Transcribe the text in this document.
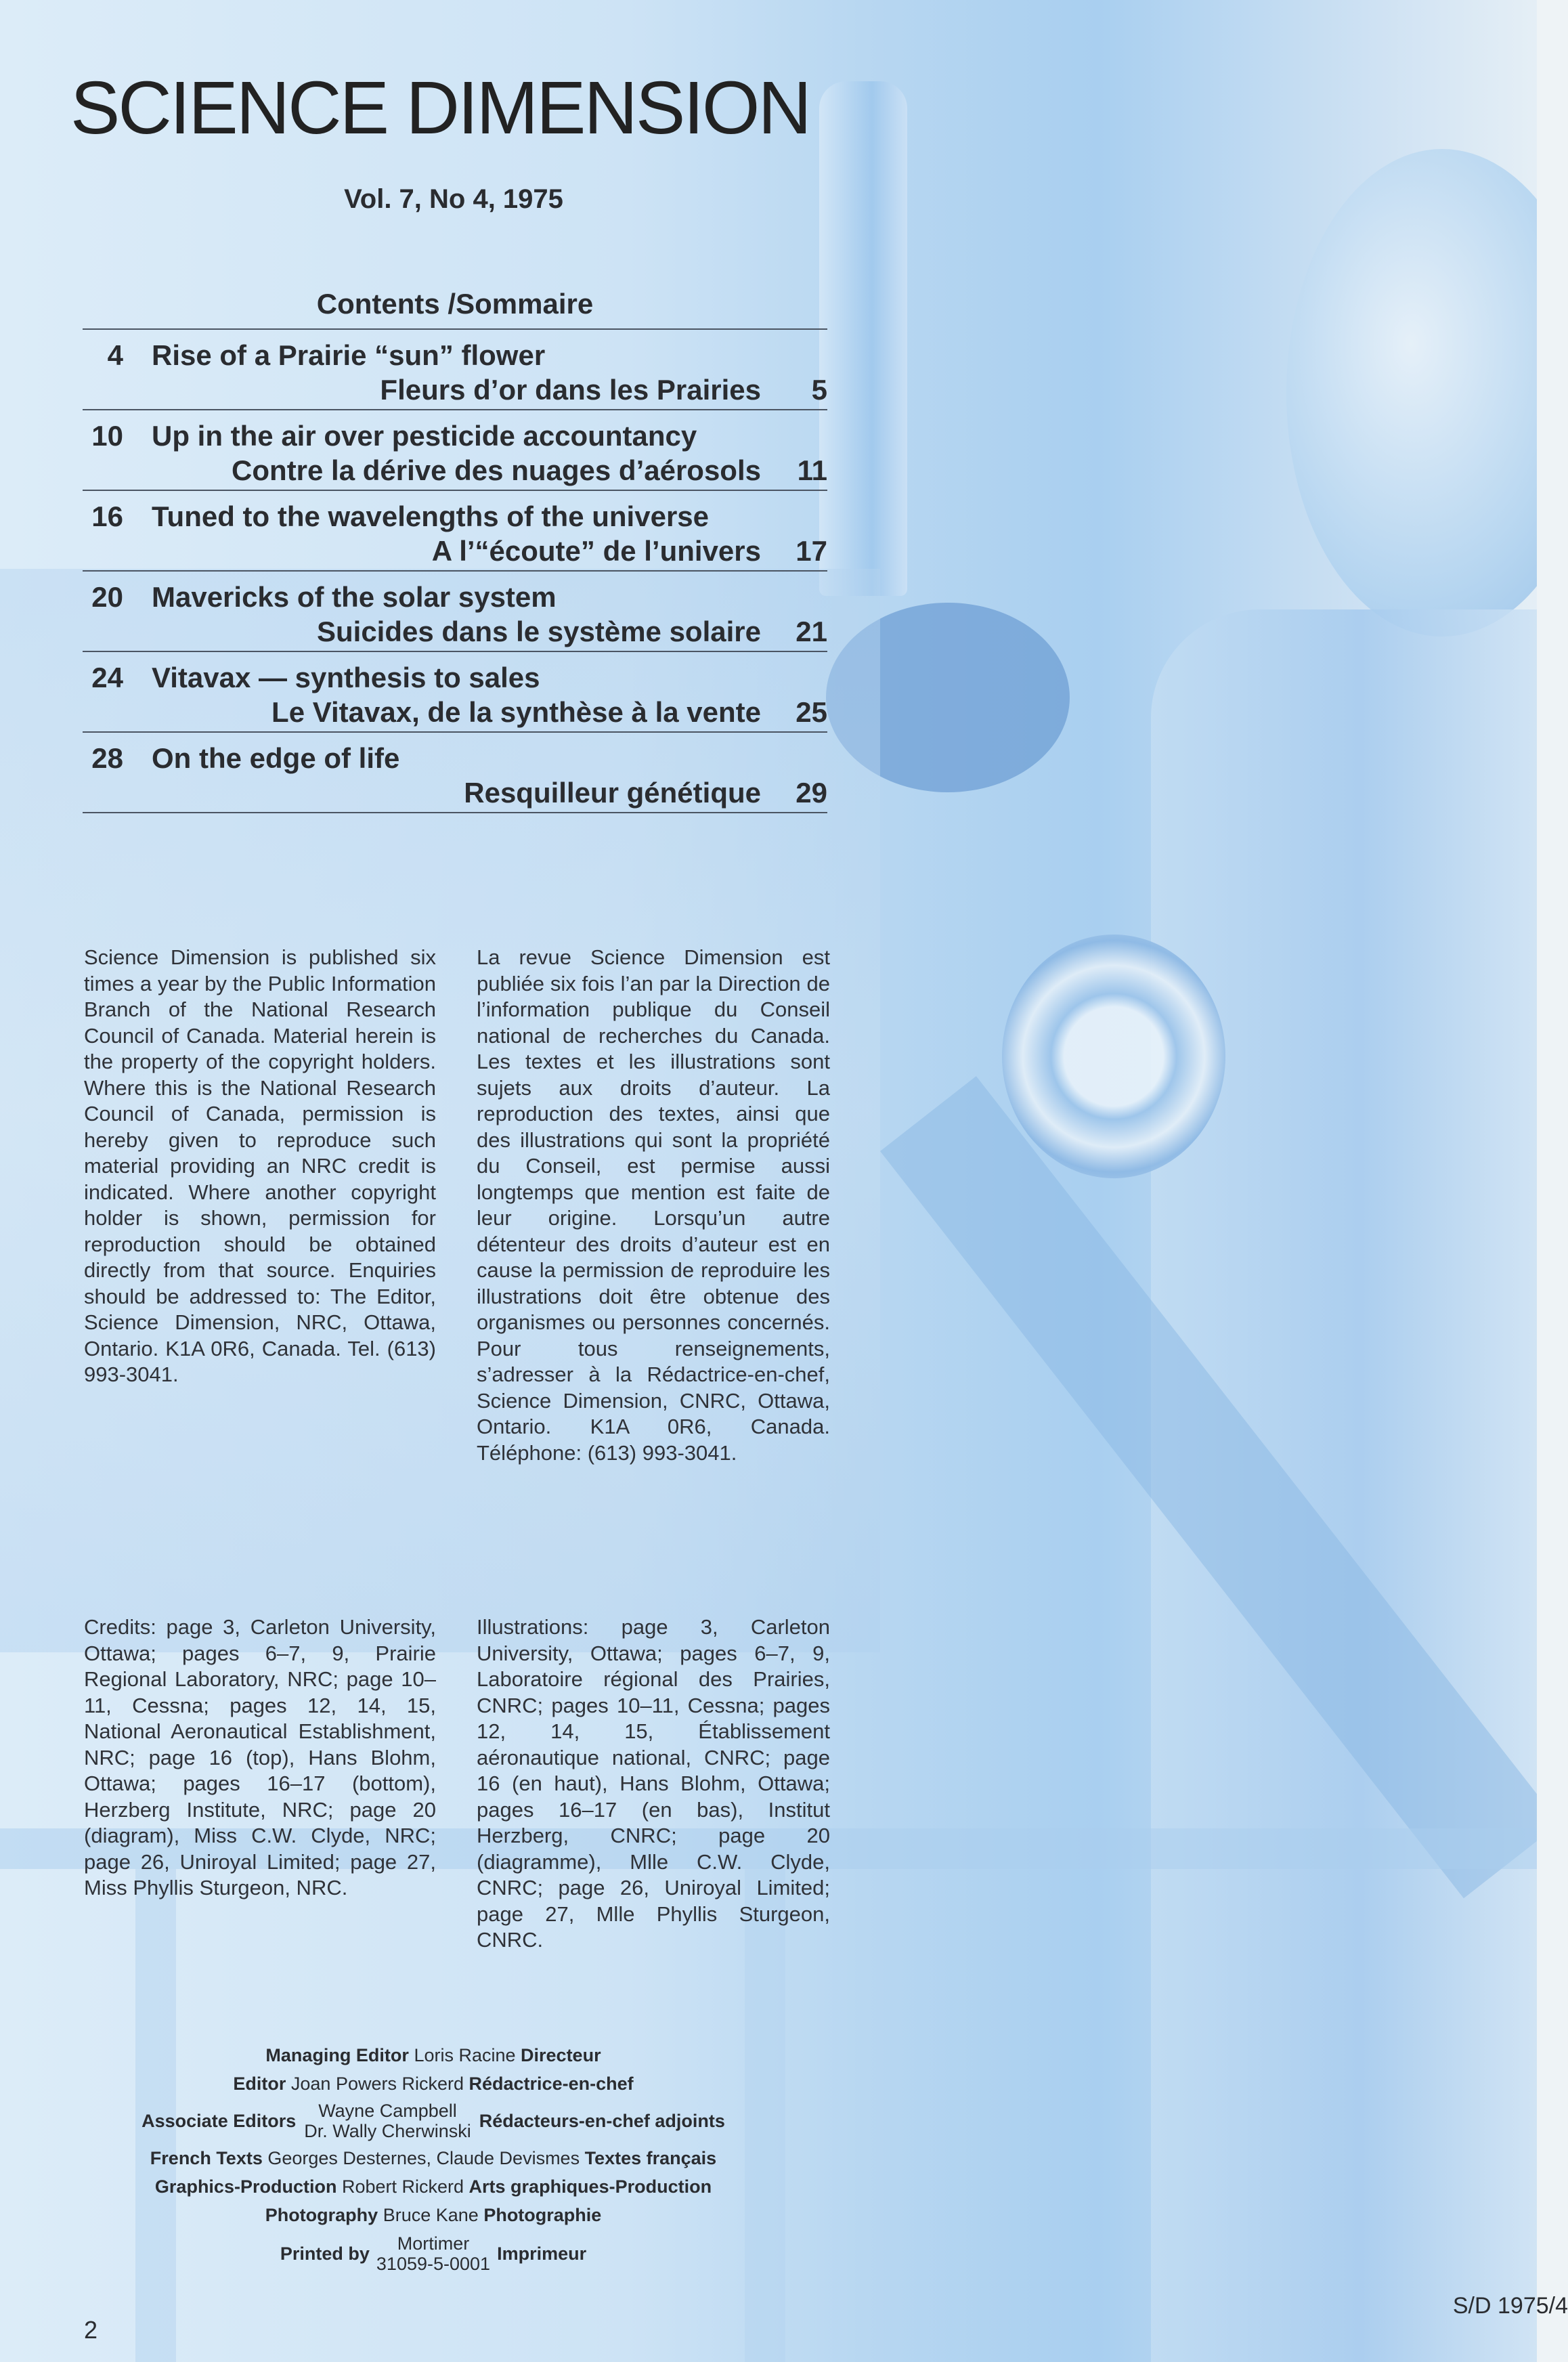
SCIENCE DIMENSION
Vol. 7, No 4, 1975
Contents /Sommaire
4 Rise of a Prairie “sun” flower
Fleurs d’or dans les Prairies	5
10 Up in the air over pesticide accountancy
Contre la dérive des nuages d’aérosols	11
16 Tuned to the wavelengths of the universe
A l’“écoute” de l’univers	17
20 Mavericks of the solar system
Suicides dans le système solaire	21
24 Vitavax — synthesis to sales
Le Vitavax, de la synthèse à la vente	25
28 On the edge of life
Resquilleur génétique	29
Science Dimension is published six times a year by the Public Information Branch of the National Research Council of Canada. Material herein is the property of the copyright holders. Where this is the National Research Council of Canada, permission is hereby given to reproduce such material providing an NRC credit is indicated. Where another copyright holder is shown, permission for reproduction should be obtained directly from that source. Enquiries should be addressed to: The Editor, Science Dimension, NRC, Ottawa, Ontario. K1A 0R6, Canada. Tel. (613) 993-3041.
La revue Science Dimension est publiée six fois l’an par la Direction de l’information publique du Conseil national de recherches du Canada. Les textes et les illustrations sont sujets aux droits d’auteur. La reproduction des textes, ainsi que des illustrations qui sont la propriété du Conseil, est permise aussi longtemps que mention est faite de leur origine. Lorsqu’un autre détenteur des droits d’auteur est en cause la permission de reproduire les illustrations doit être obtenue des organismes ou personnes concernés. Pour tous renseignements, s’adresser à la Rédactrice-en-chef, Science Dimension, CNRC, Ottawa, Ontario. K1A 0R6, Canada. Téléphone: (613) 993-3041.
Credits: page 3, Carleton University, Ottawa; pages 6–7, 9, Prairie Regional Laboratory, NRC; page 10–11, Cessna; pages 12, 14, 15, National Aeronautical Establishment, NRC; page 16 (top), Hans Blohm, Ottawa; pages 16–17 (bottom), Herzberg Institute, NRC; page 20 (diagram), Miss C.W. Clyde, NRC; page 26, Uniroyal Limited; page 27, Miss Phyllis Sturgeon, NRC.
Illustrations: page 3, Carleton University, Ottawa; pages 6–7, 9, Laboratoire régional des Prairies, CNRC; pages 10–11, Cessna; pages 12, 14, 15, Établissement aéronautique national, CNRC; page 16 (en haut), Hans Blohm, Ottawa; pages 16–17 (en bas), Institut Herzberg, CNRC; page 20 (diagramme), Mlle C.W. Clyde, CNRC; page 26, Uniroyal Limited; page 27, Mlle Phyllis Sturgeon, CNRC.
Managing Editor Loris Racine Directeur
Editor Joan Powers Rickerd Rédactrice-en-chef
Associate Editors	Wayne Campbell
Dr. Wally Cherwinski
Rédacteurs-en-chef adjoints
French Texts Georges Desternes, Claude Devismes Textes français
Graphics-Production Robert Rickerd Arts graphiques-Production
Photography Bruce Kane Photographie
Printed by	Mortimer
31059-5-0001
Imprimeur
2
S/D 1975/4
